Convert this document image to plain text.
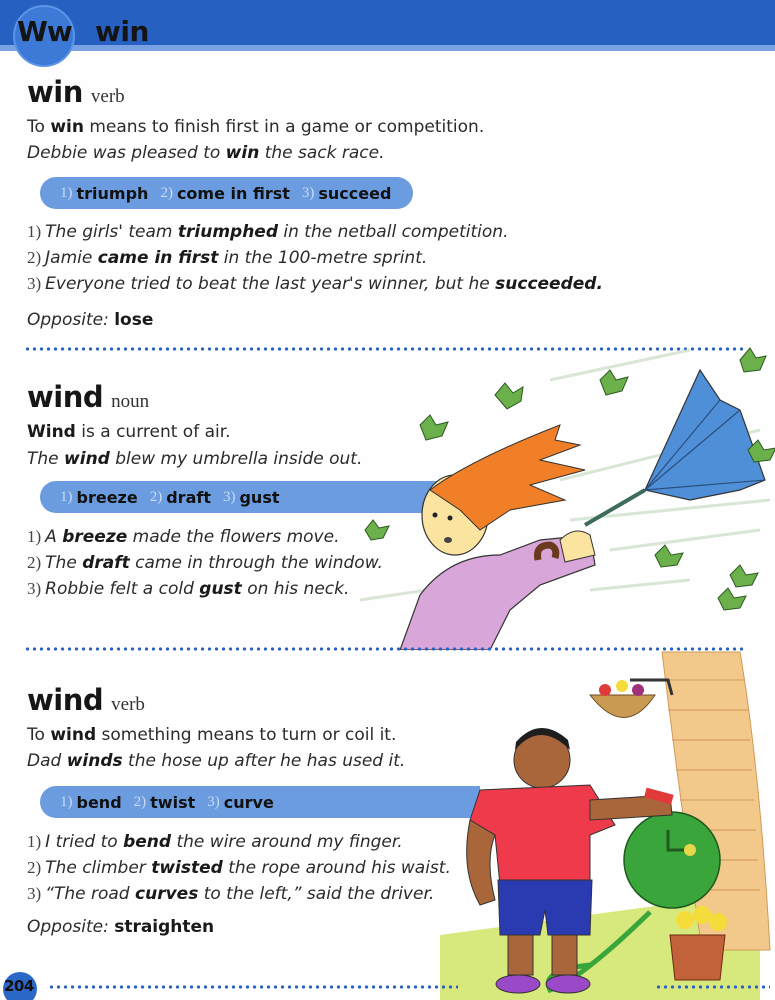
Ww win
win verb
To win means to finish first in a game or competition.
Debbie was pleased to win the sack race.
1) triumph 2) come in first 3) succeed
1) The girls' team triumphed in the netball competition.
2) Jamie came in first in the 100-metre sprint.
3) Everyone tried to beat the last year's winner, but he succeeded.
Opposite: lose
wind noun
Wind is a current of air.
The wind blew my umbrella inside out.
1) breeze 2) draft 3) gust
1) A breeze made the flowers move.
2) The draft came in through the window.
3) Robbie felt a cold gust on his neck.
wind verb
To wind something means to turn or coil it.
Dad winds the hose up after he has used it.
1) bend 2) twist 3) curve
1) I tried to bend the wire around my finger.
2) The climber twisted the rope around his waist.
3) “The road curves to the left,” said the driver.
Opposite: straighten
204
